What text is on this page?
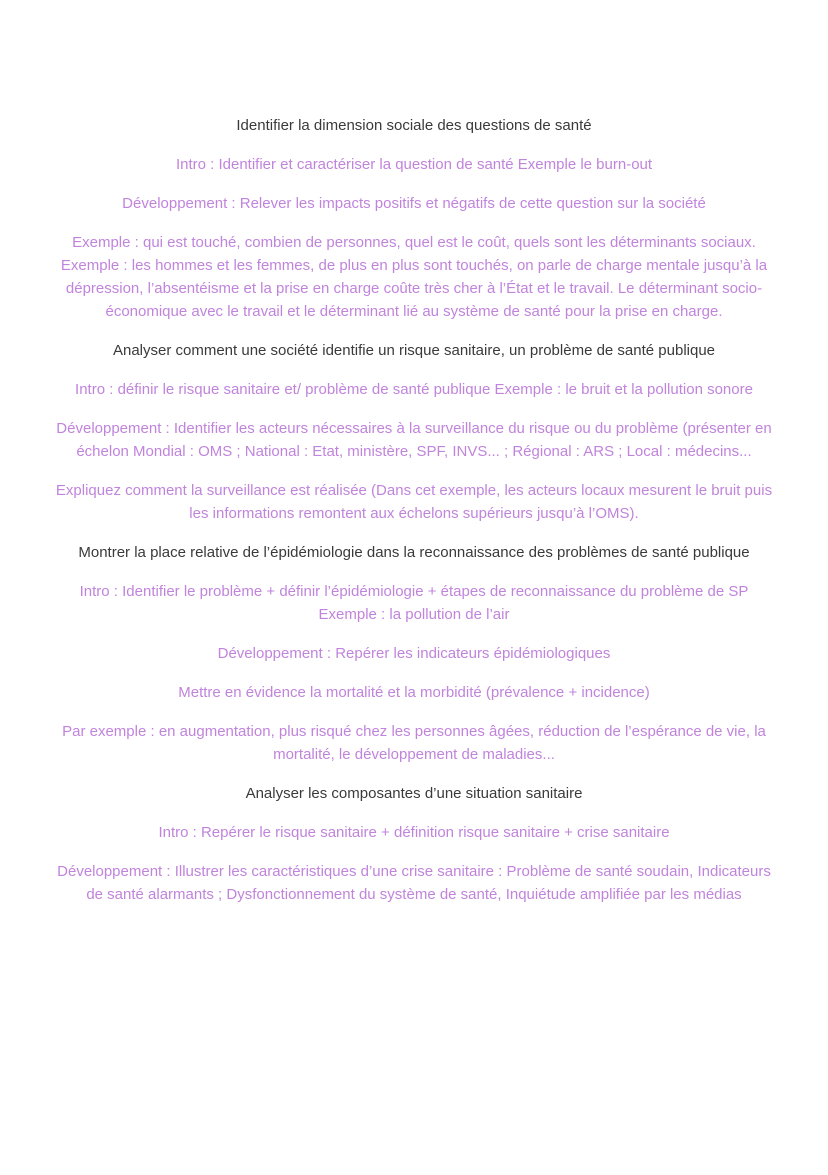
Identifier la dimension sociale des questions de santé

Intro : Identifier et caractériser la question de santé Exemple le burn-out

Développement : Relever les impacts positifs et négatifs de cette question sur la société

Exemple : qui est touché, combien de personnes, quel est le coût, quels sont les déterminants sociaux. Exemple : les hommes et les femmes, de plus en plus sont touchés, on parle de charge mentale jusqu’à la dépression, l’absentéisme et la prise en charge coûte très cher à l’État et le travail. Le déterminant socio-économique avec le travail et le déterminant lié au système de santé pour la prise en charge.

Analyser comment une société identifie un risque sanitaire, un problème de santé publique

Intro : définir le risque sanitaire et/ problème de santé publique Exemple : le bruit et la pollution sonore

Développement : Identifier les acteurs nécessaires à la surveillance du risque ou du problème (présenter en échelon Mondial : OMS ; National : Etat, ministère, SPF, INVS... ; Régional : ARS ; Local : médecins...

Expliquez comment la surveillance est réalisée (Dans cet exemple, les acteurs locaux mesurent le bruit puis les informations remontent aux échelons supérieurs jusqu’à l’OMS).

Montrer la place relative de l’épidémiologie dans la reconnaissance des problèmes de santé publique

Intro : Identifier le problème + définir l’épidémiologie + étapes de reconnaissance du problème de SP Exemple : la pollution de l’air

Développement : Repérer les indicateurs épidémiologiques

Mettre en évidence la mortalité et la morbidité (prévalence + incidence)

Par exemple : en augmentation, plus risqué chez les personnes âgées, réduction de l’espérance de vie, la mortalité, le développement de maladies...

Analyser les composantes d’une situation sanitaire

Intro : Repérer le risque sanitaire + définition risque sanitaire + crise sanitaire

Développement : Illustrer les caractéristiques d’une crise sanitaire : Problème de santé soudain, Indicateurs de santé alarmants ; Dysfonctionnement du système de santé, Inquiétude amplifiée par les médias
